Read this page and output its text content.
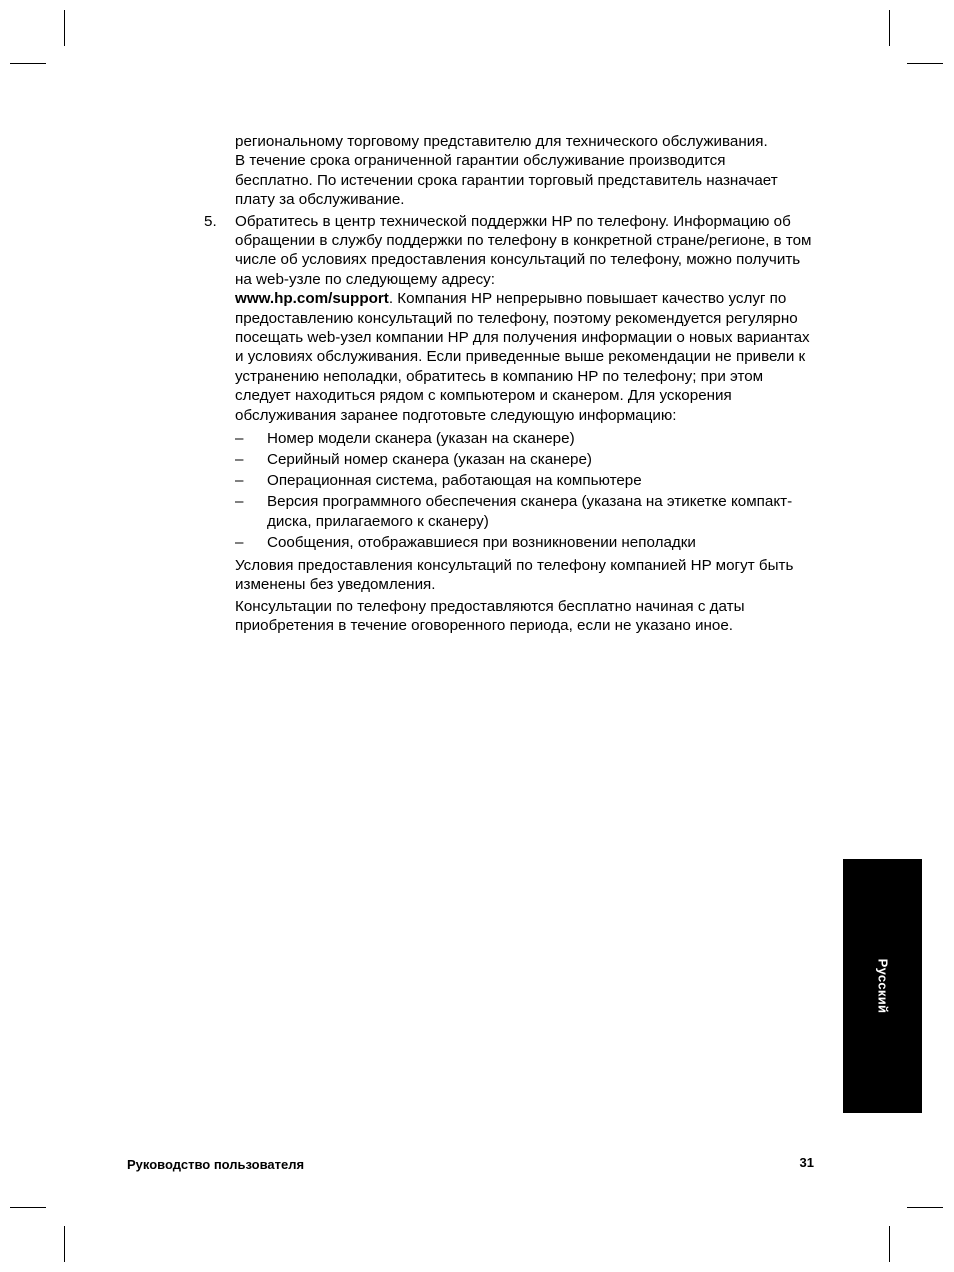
региональному торговому представителю для технического обслуживания.
В течение срока ограниченной гарантии обслуживание производится
бесплатно. По истечении срока гарантии торговый представитель назначает
плату за обслуживание.
5.	Обратитесь в центр технической поддержки HP по телефону. Информацию об обращении в службу поддержки по телефону в конкретной стране/регионе, в том числе об условиях предоставления консультаций по телефону, можно получить на web-узле по следующему адресу:
www.hp.com/support. Компания HP непрерывно повышает качество услуг по предоставлению консультаций по телефону, поэтому рекомендуется регулярно посещать web-узел компании HP для получения информации о новых вариантах и условиях обслуживания. Если приведенные выше рекомендации не привели к устранению неполадки, обратитесь в компанию HP по телефону; при этом следует находиться рядом с компьютером и сканером. Для ускорения обслуживания заранее подготовьте следующую информацию:
–	Номер модели сканера (указан на сканере)
–	Серийный номер сканера (указан на сканере)
–	Операционная система, работающая на компьютере
–	Версия программного обеспечения сканера (указана на этикетке компакт-диска, прилагаемого к сканеру)
–	Сообщения, отображавшиеся при возникновении неполадки
Условия предоставления консультаций по телефону компанией HP могут быть изменены без уведомления.
Консультации по телефону предоставляются бесплатно начиная с даты приобретения в течение оговоренного периода, если не указано иное.
Русский
Руководство пользователя	31
